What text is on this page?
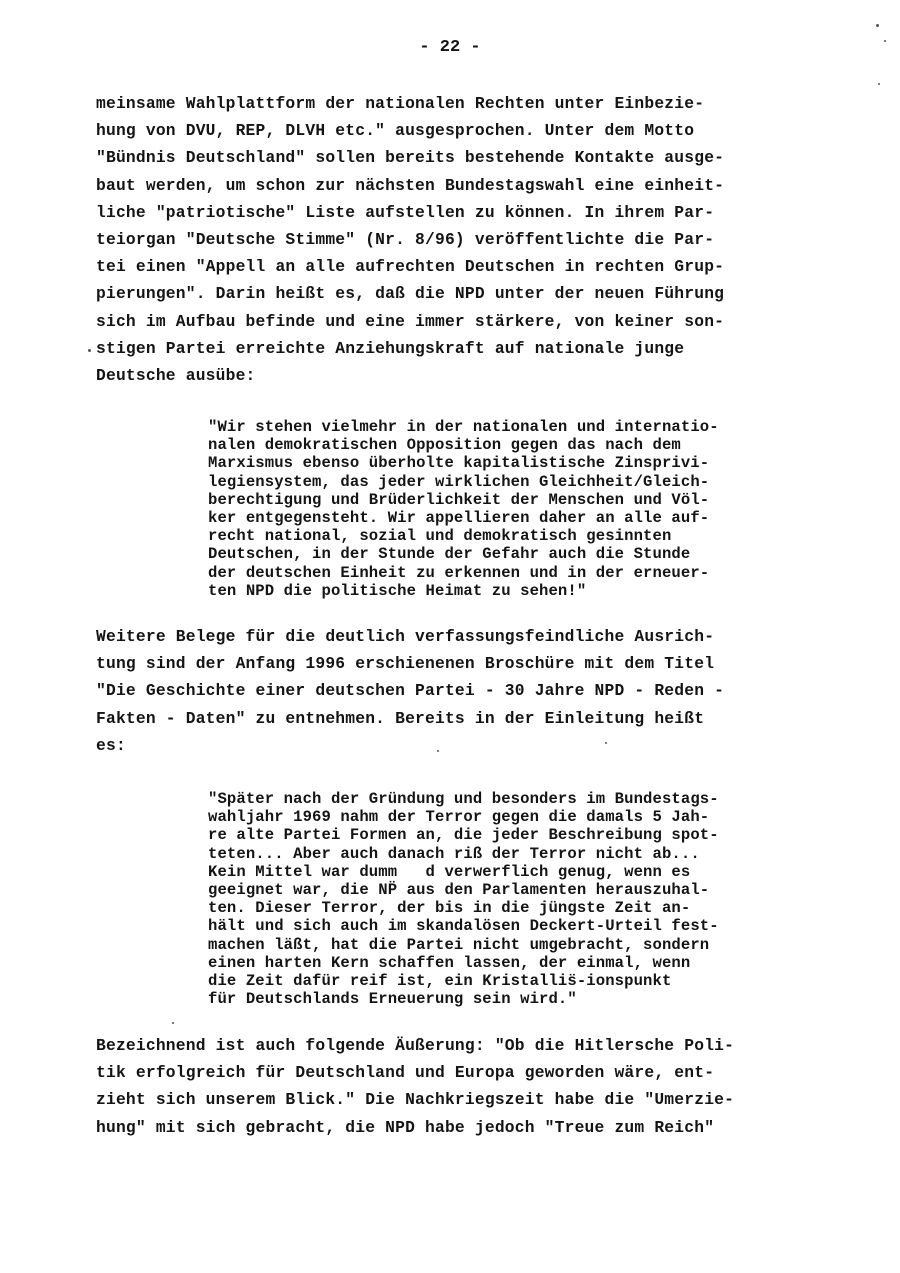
- 22 -
meinsame Wahlplattform der nationalen Rechten unter Einbezie-
hung von DVU, REP, DLVH etc." ausgesprochen. Unter dem Motto
"Bündnis Deutschland" sollen bereits bestehende Kontakte ausge-
baut werden, um schon zur nächsten Bundestagswahl eine einheit-
liche "patriotische" Liste aufstellen zu können. In ihrem Par-
teiorgan "Deutsche Stimme" (Nr. 8/96) veröffentlichte die Par-
tei einen "Appell an alle aufrechten Deutschen in rechten Grup-
pierungen". Darin heißt es, daß die NPD unter der neuen Führung
sich im Aufbau befinde und eine immer stärkere, von keiner son-
stigen Partei erreichte Anziehungskraft auf nationale junge
Deutsche ausübe:
"Wir stehen vielmehr in der nationalen und internatio-
nalen demokratischen Opposition gegen das nach dem
Marxismus ebenso überholte kapitalistische Zinsprivi-
legiensystem, das jeder wirklichen Gleichheit/Gleich-
berechtigung und Brüderlichkeit der Menschen und Völ-
ker entgegensteht. Wir appellieren daher an alle auf-
recht national, sozial und demokratisch gesinnten
Deutschen, in der Stunde der Gefahr auch die Stunde
der deutschen Einheit zu erkennen und in der erneuer-
ten NPD die politische Heimat zu sehen!"
Weitere Belege für die deutlich verfassungsfeindliche Ausrich-
tung sind der Anfang 1996 erschienenen Broschüre mit dem Titel
"Die Geschichte einer deutschen Partei - 30 Jahre NPD - Reden -
Fakten - Daten" zu entnehmen. Bereits in der Einleitung heißt
es:
"Später nach der Gründung und besonders im Bundestags-
wahljahr 1969 nahm der Terror gegen die damals 5 Jah-
re alte Partei Formen an, die jeder Beschreibung spot-
teten... Aber auch danach riß der Terror nicht ab...
Kein Mittel war dumm   d verwerflich genug, wenn es
geeignet war, die NP̈ aus den Parlamenten herauszuhal-
ten. Dieser Terror, der bis in die jüngste Zeit an-
hält und sich auch im skandalösen Deckert-Urteil fest-
machen läßt, hat die Partei nicht umgebracht, sondern
einen harten Kern schaffen lassen, der einmal, wenn
die Zeit dafür reif ist, ein Kristallis̈-ionspunkt
für Deutschlands Erneuerung sein wird."
Bezeichnend ist auch folgende Äußerung: "Ob die Hitlersche Poli-
tik erfolgreich für Deutschland und Europa geworden wäre, ent-
zieht sich unserem Blick." Die Nachkriegszeit habe die "Umerzie-
hung" mit sich gebracht, die NPD habe jedoch "Treue zum Reich"
